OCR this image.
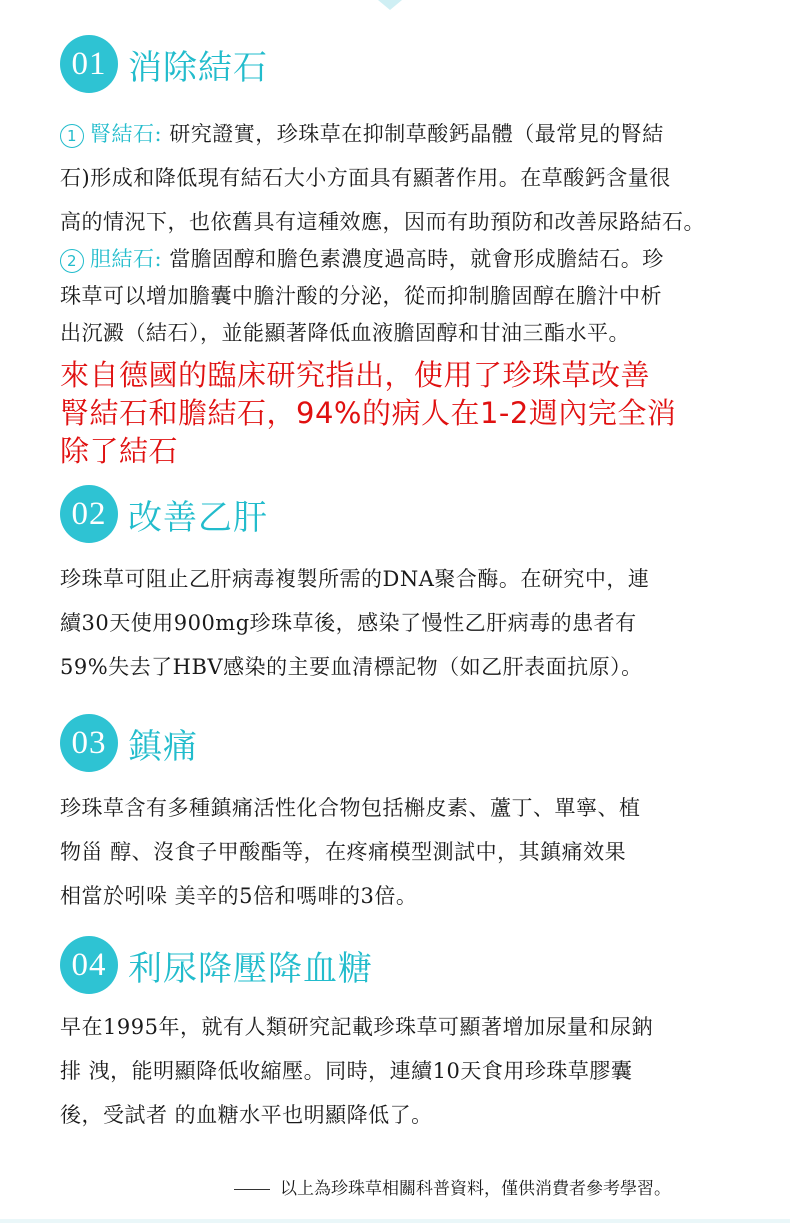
01 消除結石
1 腎結石: 研究證實，珍珠草在抑制草酸鈣晶體（最常見的腎結
石)形成和降低現有結石大小方面具有顯著作用。在草酸鈣含量很
高的情況下，也依舊具有這種效應，因而有助預防和改善尿路結石。
2 胆結石: 當膽固醇和膽色素濃度過高時，就會形成膽結石。珍
珠草可以增加膽囊中膽汁酸的分泌，從而抑制膽固醇在膽汁中析
出沉澱（結石），並能顯著降低血液膽固醇和甘油三酯水平。
來自德國的臨床研究指出，使用了珍珠草改善
腎結石和膽結石，94%的病人在1-2週內完全消
除了結石
02 改善乙肝
珍珠草可阻止乙肝病毒複製所需的DNA聚合酶。在研究中，連
續30天使用900mg珍珠草後，感染了慢性乙肝病毒的患者有
59%失去了HBV感染的主要血清標記物（如乙肝表面抗原）。
03 鎮痛
珍珠草含有多種鎮痛活性化合物包括槲皮素、蘆丁、單寧、植
物甾 醇、沒食子甲酸酯等，在疼痛模型測試中，其鎮痛效果
相當於吲哚 美辛的5倍和嗎啡的3倍。
04 利尿降壓降血糖
早在1995年，就有人類研究記載珍珠草可顯著增加尿量和尿鈉
排 洩，能明顯降低收縮壓。同時，連續10天食用珍珠草膠囊
後，受試者 的血糖水平也明顯降低了。
以上為珍珠草相關科普資料，僅供消費者參考學習。
